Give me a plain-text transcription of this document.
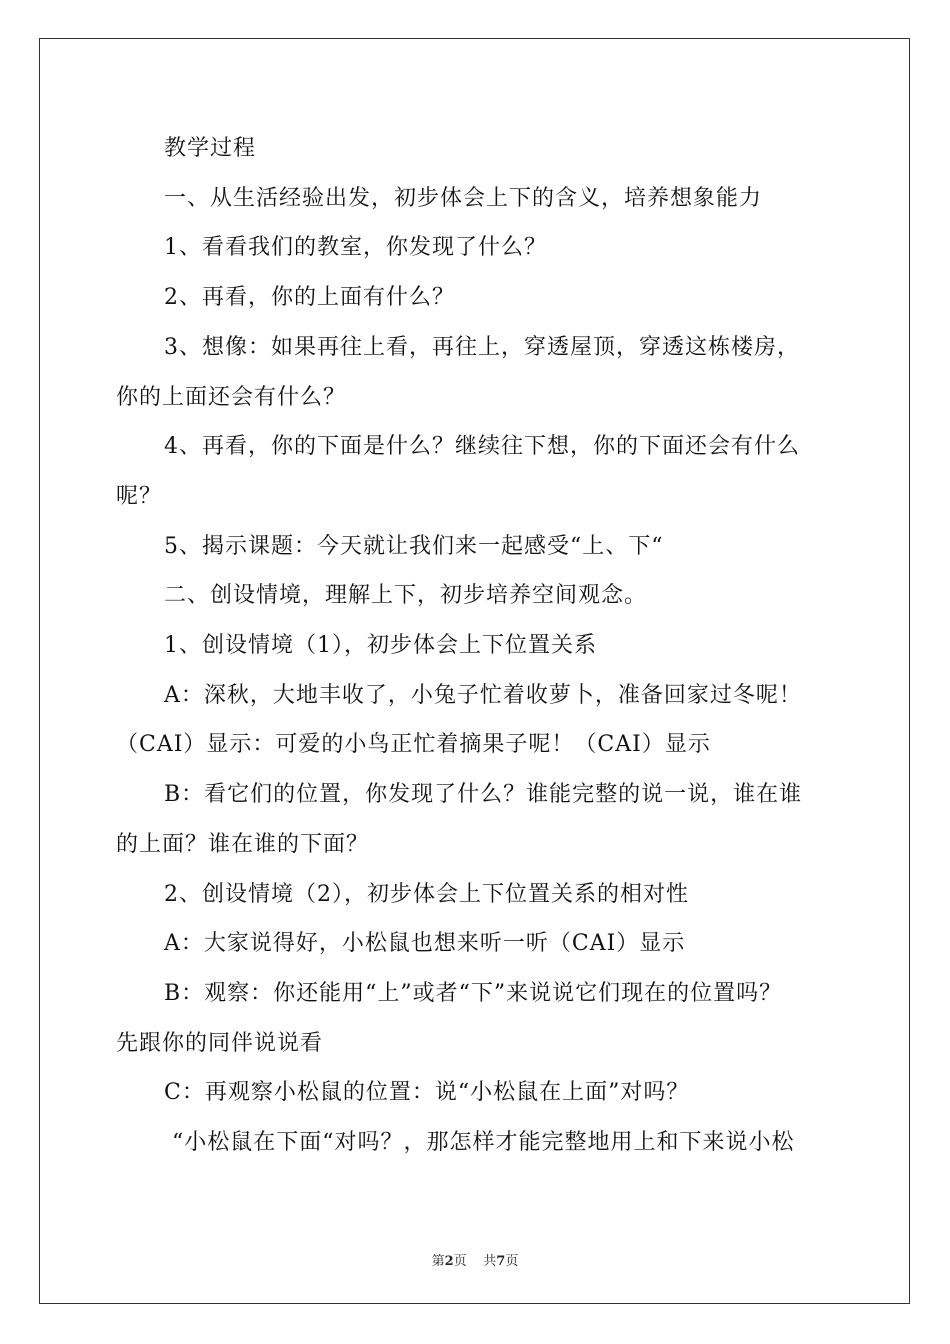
教学过程

一、从生活经验出发，初步体会上下的含义，培养想象能力

1、看看我们的教室，你发现了什么？

2、再看，你的上面有什么？

3、想像：如果再往上看，再往上，穿透屋顶，穿透这栋楼房，

你的上面还会有什么？

4、再看，你的下面是什么？继续往下想，你的下面还会有什么

呢？

5、揭示课题：今天就让我们来一起感受“上、下“

二、创设情境，理解上下，初步培养空间观念。

1、创设情境（1），初步体会上下位置关系

A：深秋，大地丰收了，小兔子忙着收萝卜，准备回家过冬呢！

（CAI）显示：可爱的小鸟正忙着摘果子呢！（CAI）显示

B：看它们的位置，你发现了什么？谁能完整的说一说，谁在谁

的上面？谁在谁的下面？

2、创设情境（2），初步体会上下位置关系的相对性

A：大家说得好，小松鼠也想来听一听（CAI）显示

B：观察：你还能用“上”或者“下”来说说它们现在的位置吗？

先跟你的同伴说说看

C：再观察小松鼠的位置：说“小松鼠在上面”对吗？

“小松鼠在下面“对吗？，那怎样才能完整地用上和下来说小松

第2页 共7页
